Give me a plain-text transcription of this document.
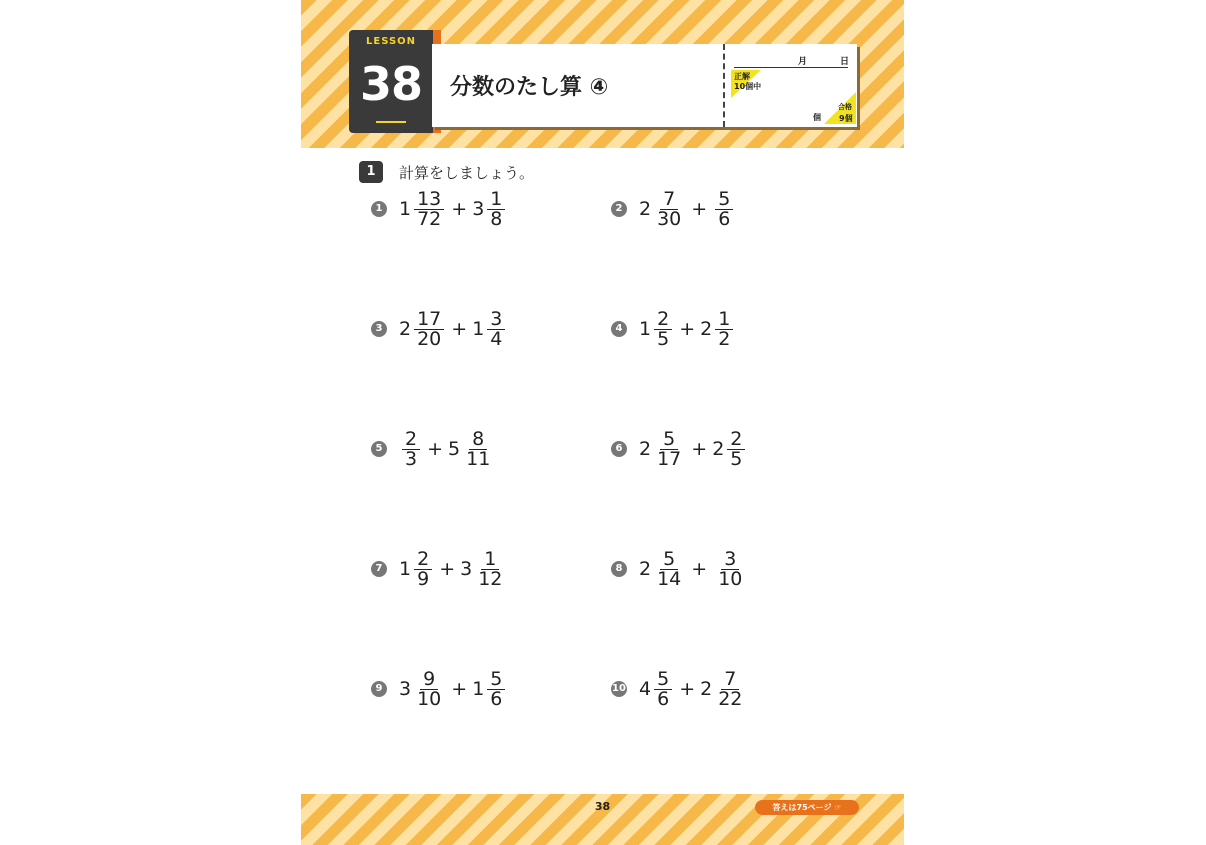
LESSON
38	分数のたし算 ④
月	日
正解
10個中
個
合格
9個
1	計算をしましょう。
1 $1 \frac{13}{72} + 3 \frac{1}{8}$	2 $2 \frac{7}{30} + \frac{5}{6}$
3 $2 \frac{17}{20} + 1 \frac{3}{4}$	4 $1 \frac{2}{5} + 2 \frac{1}{2}$
$5 \frac{2}{3} + 5 \frac{8}{11}$	6 $2 \frac{5}{17} + 2 \frac{2}{5}$
7 $1 \frac{2}{9} + 3 \frac{1}{12}$	8 $2 \frac{5}{14} + \frac{3}{10}$
9 $3 \frac{9}{10} + 1 \frac{5}{6}$	10 $4 \frac{5}{6} + 2 \frac{7}{22}$
38	答えは75ページ ☞
